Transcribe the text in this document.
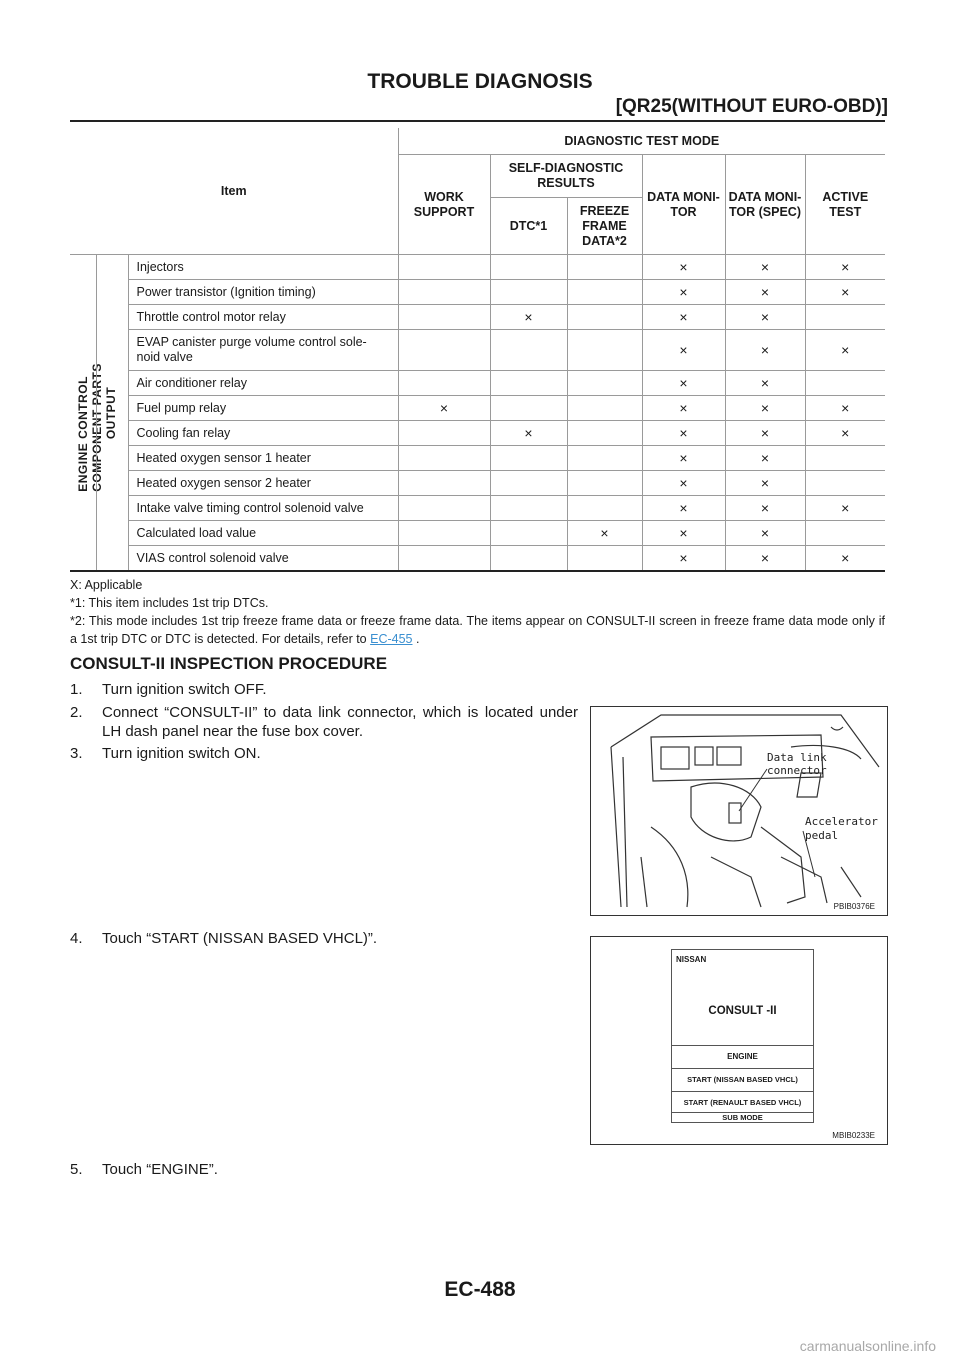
TROUBLE DIAGNOSIS
[QR25(WITHOUT EURO-OBD)]
Item		DIAGNOSTIC TEST MODE					
		WORK SUPPORT	SELF-DIAGNOSTIC RESULTS		DATA MONI- TOR	DATA MONI- TOR (SPEC)	ACTIVE TEST
			DTC*1	FREEZE FRAME DATA*2			

ENGINE CONTROL COMPONENT PARTS OUTPUT	Injectors				×	×	×
	Power transistor (Ignition timing)				×	×	×
	Throttle control motor relay		×		×	×	
	EVAP canister purge volume control sole-noid valve				×	×	×
	Air conditioner relay				×	×	
	Fuel pump relay	×			×	×	×
	Cooling fan relay		×		×	×	×
	Heated oxygen sensor 1 heater				×	×	
	Heated oxygen sensor 2 heater				×	×	
	Intake valve timing control solenoid valve				×	×	×
	Calculated load value			×	×	×	
	VIAS control solenoid valve				×	×	×

X: Applicable

*1: This item includes 1st trip DTCs.

*2: This mode includes 1st trip freeze frame data or freeze frame data. The items appear on CONSULT-II screen in freeze frame data mode only if a 1st trip DTC or DTC is detected. For details, refer to EC-455 .

CONSULT-II INSPECTION PROCEDURE
1. Turn ignition switch OFF.
2. Connect “CONSULT-II” to data link connector, which is located under LH dash panel near the fuse box cover.
3. Turn ignition switch ON.
4. Touch “START (NISSAN BASED VHCL)”.
5. Touch “ENGINE”.
Data link connector
Accelerator
pedal
PBIB0376E
NISSAN
CONSULT -II
ENGINE
START (NISSAN BASED VHCL)
START (RENAULT BASED VHCL)
SUB MODE
MBIB0233E
EC-488
carmanualsonline.info
